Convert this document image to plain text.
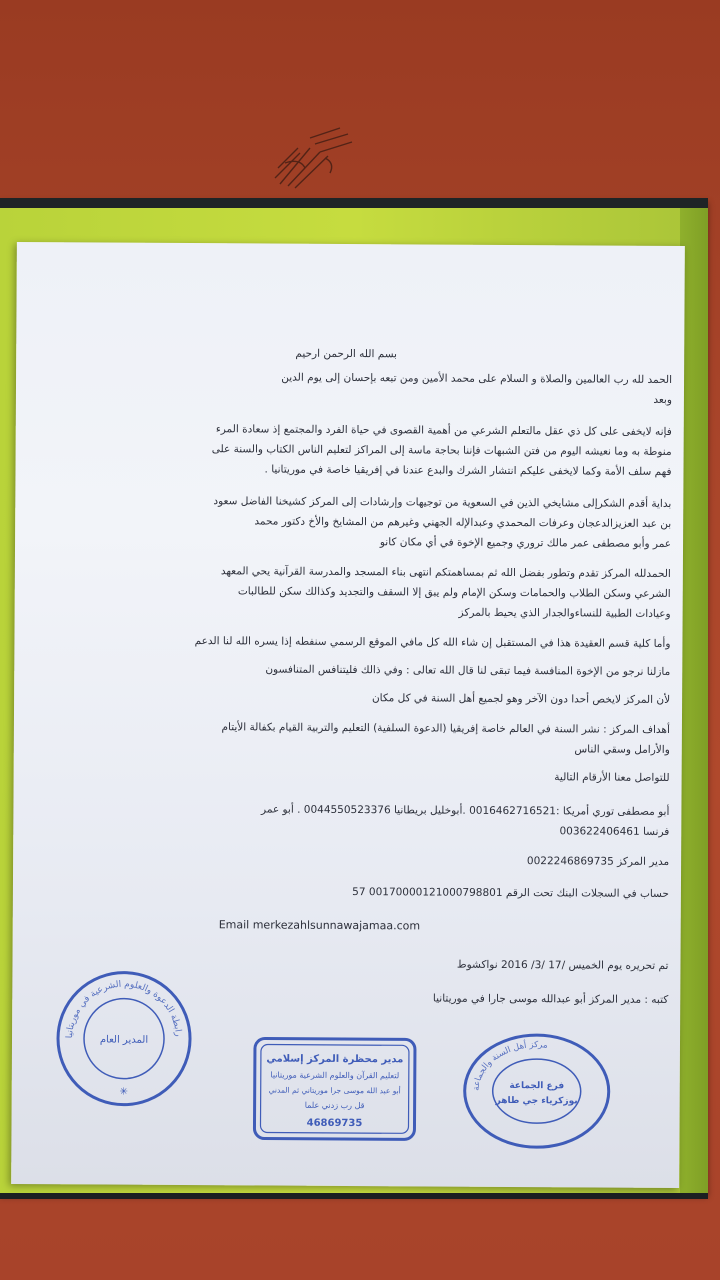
بسم الله الرحمن ارحيم
الحمد لله رب العالمين والصلاة و السلام على محمد الأمين ومن تبعه بإحسان إلى يوم الدين
وبعد
فإنه لايخفى على كل ذي عقل مالتعلم الشرعي من أهمية القصوى في حياة الفرد والمجتمع إذ سعادة المرء
منوطة به وما نعيشه اليوم من فتن الشبهات فإننا بحاجة ماسة إلى المراكز لتعليم الناس الكتاب والسنة على
فهم سلف الأمة وكما لايخفى عليكم انتشار الشرك والبدع عندنا في إفريقيا خاصة في موريتانيا .
بداية أقدم الشكرإلى مشايخي الذين في السعوية من توجيهات وإرشادات إلى المركز كشيخنا الفاضل سعود
بن عبد العزيزالدعجان وعرفات المحمدي وعبدالإله الجهني وغيرهم من المشايخ والأخ دكتور محمد
عمر وأبو مصطفى عمر مالك تروري وجميع الإخوة في أي مكان كانو
الحمدلله المركز تقدم وتطور بفضل الله ثم بمساهمتكم انتهى بناء المسجد والمدرسة القرآنية يحي المعهد
الشرعي وسكن الطلاب والحمامات وسكن الإمام ولم يبق إلا السقف والتجديد وكذالك سكن للطالبات
وعيادات الطبية للنساءوالجدار الذي يحيط بالمركز
وأما كلية قسم العقيدة هذا في المستقبل إن شاء الله كل مافي الموقع الرسمي سنفطه إذا يسره الله لنا الدعم
مازلنا نرجو من الإخوة المنافسة فيما تبقى لنا قال الله تعالى : وفي ذالك فليتنافس المتنافسون
لأن المركز لايخص أحدا دون الآخر وهو لجميع أهل السنة في كل مكان
أهداف المركز : نشر السنة في العالم خاصة إفريقيا (الدعوة السلفية) التعليم والتربية القيام بكفالة الأيتام
والأرامل وسقي الناس
للتواصل معنا الأرقام التالية
أبو مصطفى توري أمريكا :0016462716521 .أبوخليل بريطانيا 0044550523376 . أبو عمر
فرنسا 003622406461
مدير المركز 0022246869735
حساب في السجلات البنك تحت الرقم 00170000121000798801 57
Email merkezahlsunnawajamaa.com
تم تحريره يوم الخميس /17 /3/ 2016 نواكشوط
كتبه : مدير المركز أبو عبدالله موسى جارا في موريتانيا
رابطة الدعوة والعلوم الشرعية في موريتانيا
المدير العام
✳
مدير محظرة المركز إسلامي
لتعليم القرآن والعلوم الشرعية موريتانيا
أبو عبد الله موسى جرا موريتاني ثم المدني
قل رب زدني علما
46869735
مركز أهل السنة والجماعة
فرع الجماعة
بوزكرياء جي طاهر
